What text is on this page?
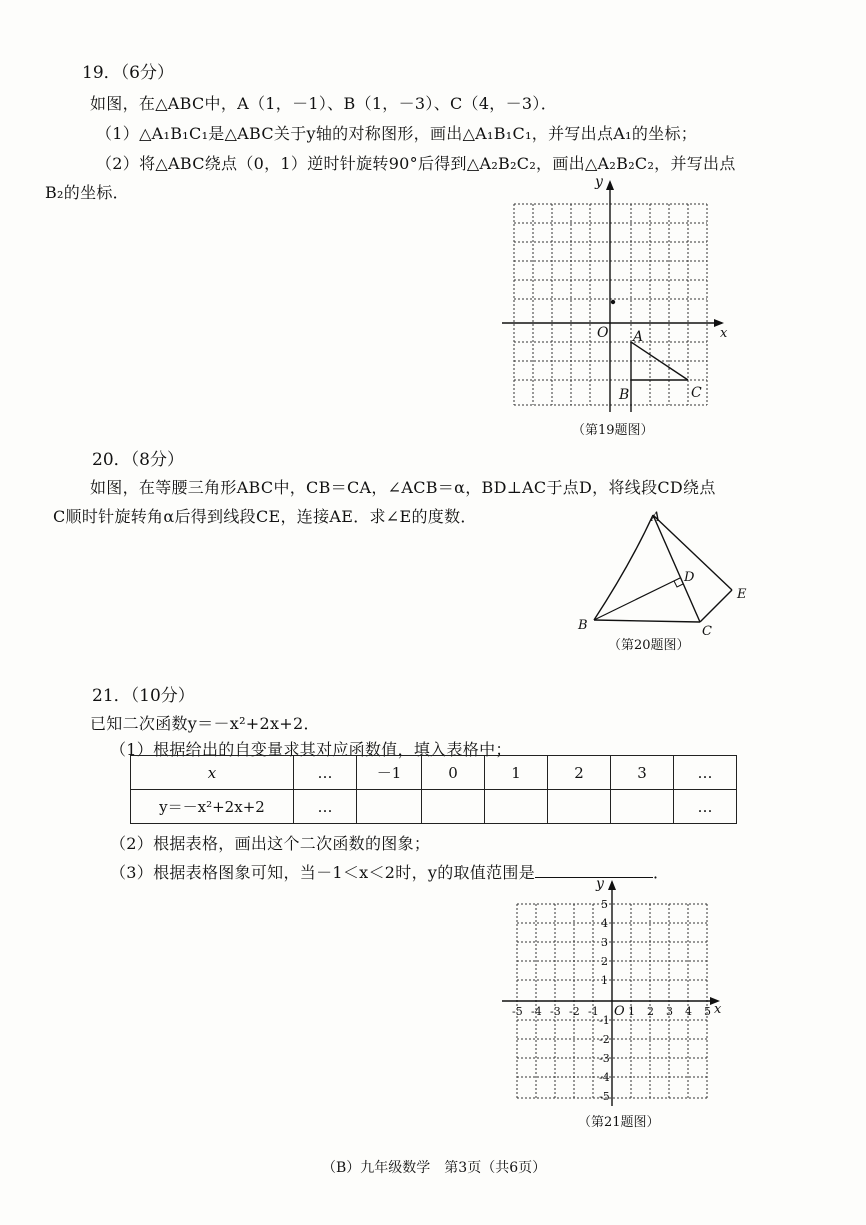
19．（6分）
如图，在△ABC中，A（1，－1）、B（1，－3）、C（4，－3）．
（1）△A₁B₁C₁是△ABC关于y轴的对称图形，画出△A₁B₁C₁，并写出点A₁的坐标；
（2）将△ABC绕点（0，1）逆时针旋转90°后得到△A₂B₂C₂，画出△A₂B₂C₂，并写出点
B₂的坐标．
y
x
O A
B	C
（第19题图）
20．（8分）
如图，在等腰三角形ABC中，CB＝CA，∠ACB＝α，BD⊥AC于点D，将线段CD绕点
C顺时针旋转角α后得到线段CE，连接AE．求∠E的度数．	A
B	C
D
E
（第20题图）
21．（10分）
已知二次函数y＝－x²+2x+2．
（1）根据给出的自变量求其对应函数值，填入表格中；
x	…	－1	0	1	2	3	…
y＝－x²+2x+2	…						…
（2）根据表格，画出这个二次函数的图象；
（3）根据表格图象可知，当－1＜x＜2时，y的取值范围是	．
y
x
O
-5 -4 -3 -2 -1	1 2 3 4 5
5
4
3
2
1
-1
-2
-3
-4
-5
（第21题图）
（B）九年级数学　第3页（共6页）
